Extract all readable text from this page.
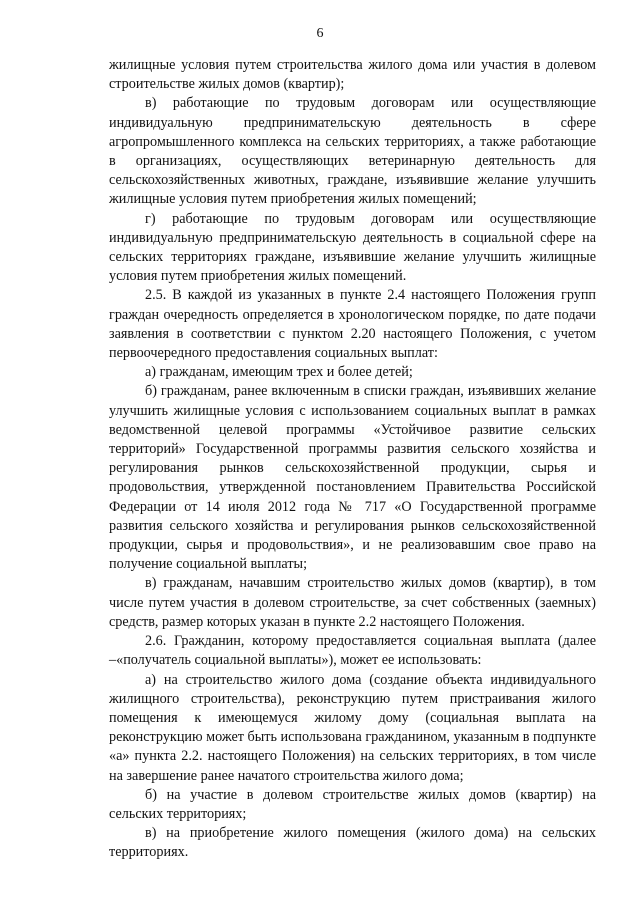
6

жилищные условия путем строительства жилого дома или участия в долевом строительстве жилых домов (квартир);

в) работающие по трудовым договорам или осуществляющие индивидуальную предпринимательскую деятельность в сфере агропромышленного комплекса на сельских территориях, а также работающие в организациях, осуществляющих ветеринарную деятельность для сельскохозяйственных животных, граждане, изъявившие желание улучшить жилищные условия путем приобретения жилых помещений;

г) работающие по трудовым договорам или осуществляющие индивидуальную предпринимательскую деятельность в социальной сфере на сельских территориях граждане, изъявившие желание улучшить жилищные условия путем приобретения жилых помещений.

2.5. В каждой из указанных в пункте 2.4 настоящего Положения групп граждан очередность определяется в хронологическом порядке, по дате подачи заявления в соответствии с пунктом 2.20 настоящего Положения, с учетом первоочередного предоставления социальных выплат:

а) гражданам, имеющим трех и более детей;

б) гражданам, ранее включенным в списки граждан, изъявивших желание улучшить жилищные условия с использованием социальных выплат в рамках ведомственной целевой программы «Устойчивое развитие сельских территорий» Государственной программы развития сельского хозяйства и регулирования рынков сельскохозяйственной продукции, сырья и продовольствия, утвержденной постановлением Правительства Российской Федерации от 14 июля 2012 года № 717 «О Государственной программе развития сельского хозяйства и регулирования рынков сельскохозяйственной продукции, сырья и продовольствия», и не реализовавшим свое право на получение социальной выплаты;

в) гражданам, начавшим строительство жилых домов (квартир), в том числе путем участия в долевом строительстве, за счет собственных (заемных) средств, размер которых указан в пункте 2.2 настоящего Положения.

2.6. Гражданин, которому предоставляется социальная выплата (далее –«получатель социальной выплаты»), может ее использовать:

а) на строительство жилого дома (создание объекта индивидуального жилищного строительства), реконструкцию путем пристраивания жилого помещения к имеющемуся жилому дому (социальная выплата на реконструкцию может быть использована гражданином, указанным в подпункте «а» пункта 2.2. настоящего Положения) на сельских территориях, в том числе на завершение ранее начатого строительства жилого дома;

б) на участие в долевом строительстве жилых домов (квартир) на сельских территориях;

в) на приобретение жилого помещения (жилого дома) на сельских территориях.
